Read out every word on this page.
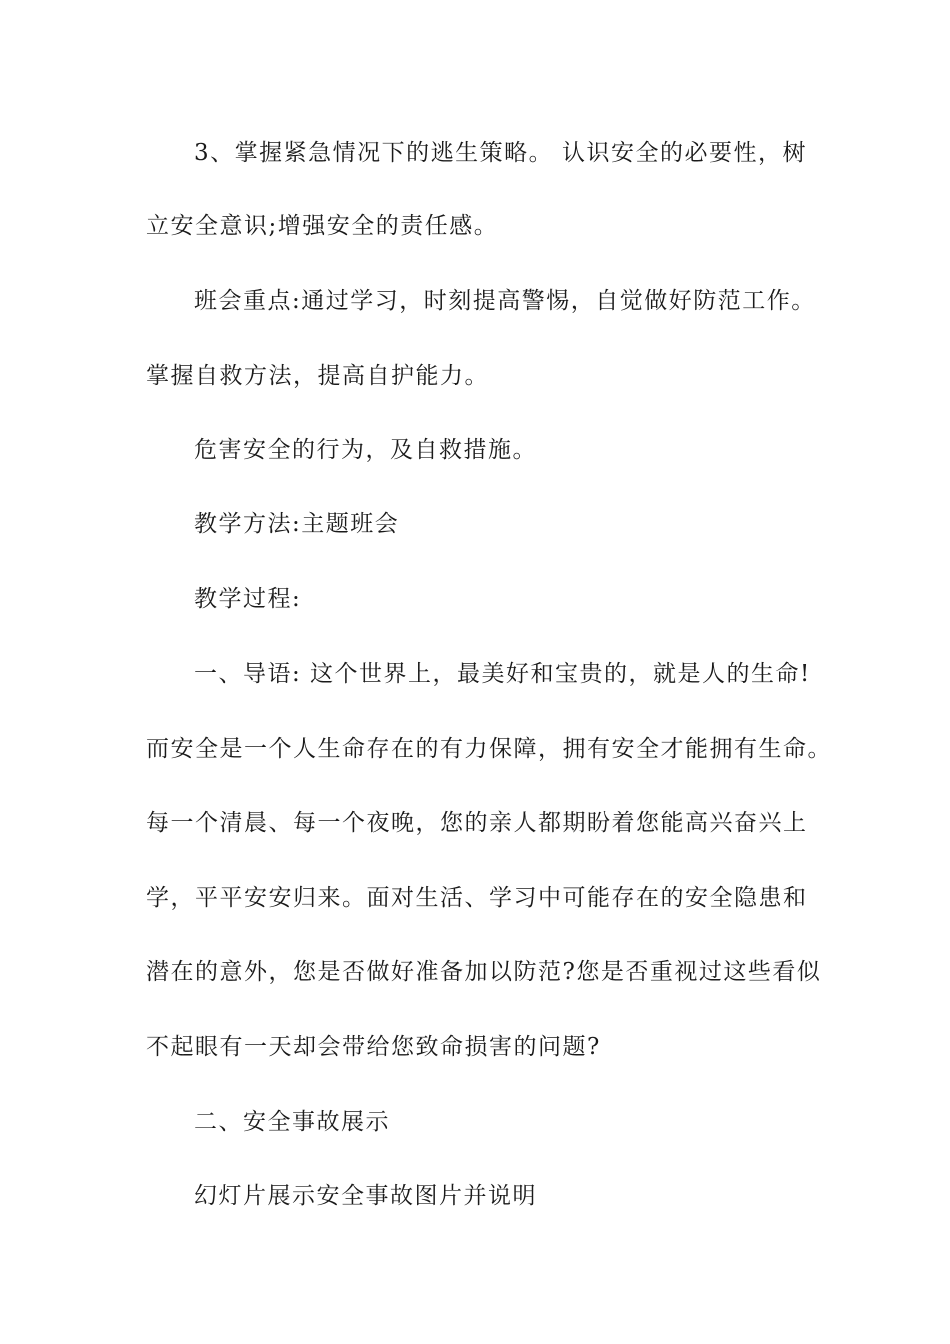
3、掌握紧急情况下的逃生策略。 认识安全的必要性，树
立安全意识;增强安全的责任感。
班会重点:通过学习，时刻提高警惕，自觉做好防范工作。
掌握自救方法，提高自护能力。
危害安全的行为，及自救措施。
教学方法:主题班会
教学过程:
一、导语: 这个世界上，最美好和宝贵的，就是人的生命!
而安全是一个人生命存在的有力保障，拥有安全才能拥有生命。
每一个清晨、每一个夜晚，您的亲人都期盼着您能高兴奋兴上
学，平平安安归来。面对生活、学习中可能存在的安全隐患和
潜在的意外，您是否做好准备加以防范?您是否重视过这些看似
不起眼有一天却会带给您致命损害的问题?
二、安全事故展示
幻灯片展示安全事故图片并说明
